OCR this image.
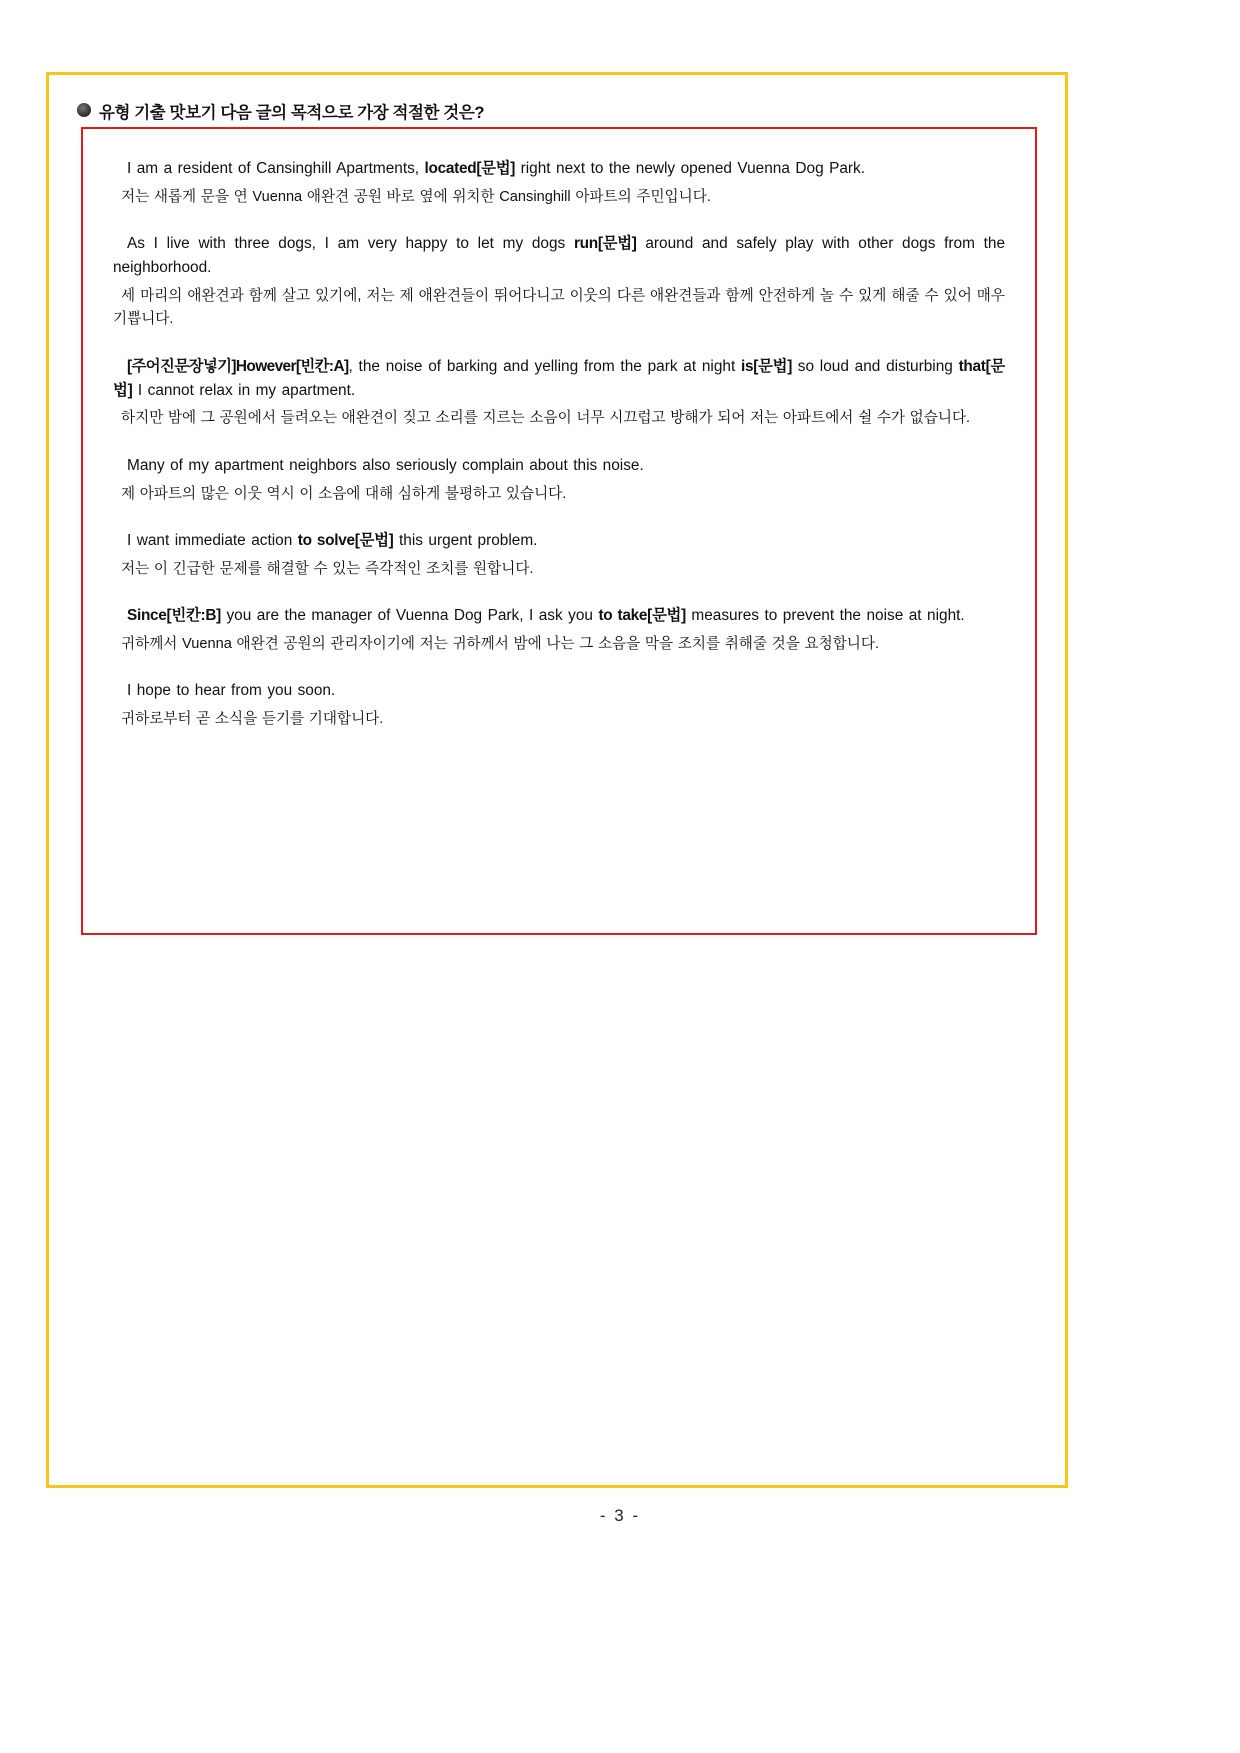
유형 기출 맛보기 다음 글의 목적으로 가장 적절한 것은?

I am a resident of Cansinghill Apartments, located[문법] right next to the newly opened Vuenna Dog Park.

저는 새롭게 문을 연 Vuenna 애완견 공원 바로 옆에 위치한 Cansinghill 아파트의 주민입니다.

As I live with three dogs, I am very happy to let my dogs run[문법] around and safely play with other dogs from the neighborhood.

세 마리의 애완견과 함께 살고 있기에, 저는 제 애완견들이 뛰어다니고 이웃의 다른 애완견들과 함께 안전하게 놀 수 있게 해줄 수 있어 매우 기쁩니다.

[주어진문장넣기]However[빈칸:A], the noise of barking and yelling from the park at night is[문법] so loud and disturbing that[문법] I cannot relax in my apartment.

하지만 밤에 그 공원에서 들려오는 애완견이 짖고 소리를 지르는 소음이 너무 시끄럽고 방해가 되어 저는 아파트에서 쉴 수가 없습니다.

Many of my apartment neighbors also seriously complain about this noise.

제 아파트의 많은 이웃 역시 이 소음에 대해 심하게 불평하고 있습니다.

I want immediate action to solve[문법] this urgent problem.

저는 이 긴급한 문제를 해결할 수 있는 즉각적인 조치를 원합니다.

Since[빈칸:B] you are the manager of Vuenna Dog Park, I ask you to take[문법] measures to prevent the noise at night.

귀하께서 Vuenna 애완견 공원의 관리자이기에 저는 귀하께서 밤에 나는 그 소음을 막을 조치를 취해줄 것을 요청합니다.

I hope to hear from you soon.

귀하로부터 곧 소식을 듣기를 기대합니다.

- 3 -
